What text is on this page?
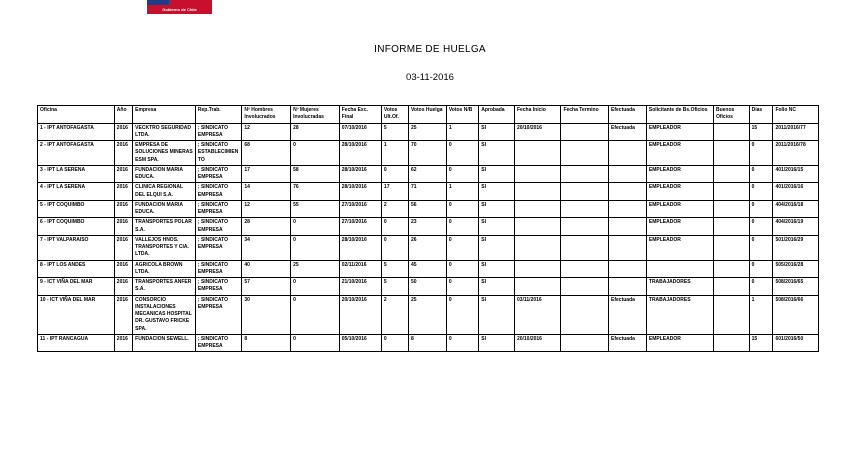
Gobierno de Chile
INFORME DE HUELGA
03-11-2016
Oficina	Año	Empresa	Rep.Trab.	Nº Hombres Involucrados	Nº Mujeres Involucradas	Fecha Exc. Final	Votos Ult.Of.	Votos Huelga	Votos N/B	Aprobada	Fecha Inicio	Fecha Termino	Efectuada	Solicitante de Bs.Oficios	Buenos Oficios	Días	Folio NC
1 - IPT ANTOFAGASTA	2016	VECKTRO SEGURIDAD LTDA.	; SINDICATO EMPRESA	12	28	07/10/2016	5	25	1	SI	20/10/2016		Efectuada	EMPLEADOR		15	2011/2016/77
2 - IPT ANTOFAGASTA	2016	EMPRESA DE SOLUCIONES MINERAS ESM SPA.	; SINDICATO ESTABLECIMIENTO	68	0	28/10/2016	1	70	0	SI				EMPLEADOR		0	2011/2016/78
3 - IPT LA SERENA	2016	FUNDACION MARIA EDUCA.	; SINDICATO EMPRESA	17	58	28/10/2016	0	62	0	SI				EMPLEADOR		0	401/2016/15
4 - IPT LA SERENA	2016	CLINICA REGIONAL DEL ELQUI S.A.	; SINDICATO EMPRESA	14	76	28/10/2016	17	71	1	SI				EMPLEADOR		0	401/2016/16
5 - IPT COQUIMBO	2016	FUNDACION MARIA EDUCA.	; SINDICATO EMPRESA	12	55	27/10/2016	2	56	0	SI				EMPLEADOR		0	404/2016/18
6 - IPT COQUIMBO	2016	TRANSPORTES POLAR S.A.	; SINDICATO EMPRESA	28	0	27/10/2016	0	23	0	SI				EMPLEADOR		0	404/2016/19
7 - IPT VALPARAISO	2016	VALLEJOS HNOS. TRANSPORTES Y CIA. LTDA.	; SINDICATO EMPRESA	34	0	28/10/2016	0	26	0	SI				EMPLEADOR		0	501/2016/29
8 - IPT LOS ANDES	2016	AGRICOLA BROWN LTDA.	; SINDICATO EMPRESA	40	25	02/11/2016	5	45	0	SI						0	505/2016/28
9 - ICT VIÑA DEL MAR	2016	TRANSPORTES ANFER S.A.	; SINDICATO EMPRESA	57	0	21/10/2016	5	50	0	SI				TRABAJADORES		0	508/2016/65
10 - ICT VIÑA DEL MAR	2016	CONSORCIO INSTALACIONES MECANICAS HOSPITAL DR. GUSTAVO FRICKE SPA.	; SINDICATO EMPRESA	30	0	20/10/2016	2	25	0	SI	03/11/2016		Efectuada	TRABAJADORES		1	508/2016/66
11 - IPT RANCAGUA	2016	FUNDACION SEWELL.	; SINDICATO EMPRESA	8	0	05/10/2016	0	8	0	SI	20/10/2016		Efectuada	EMPLEADOR		15	601/2016/50
